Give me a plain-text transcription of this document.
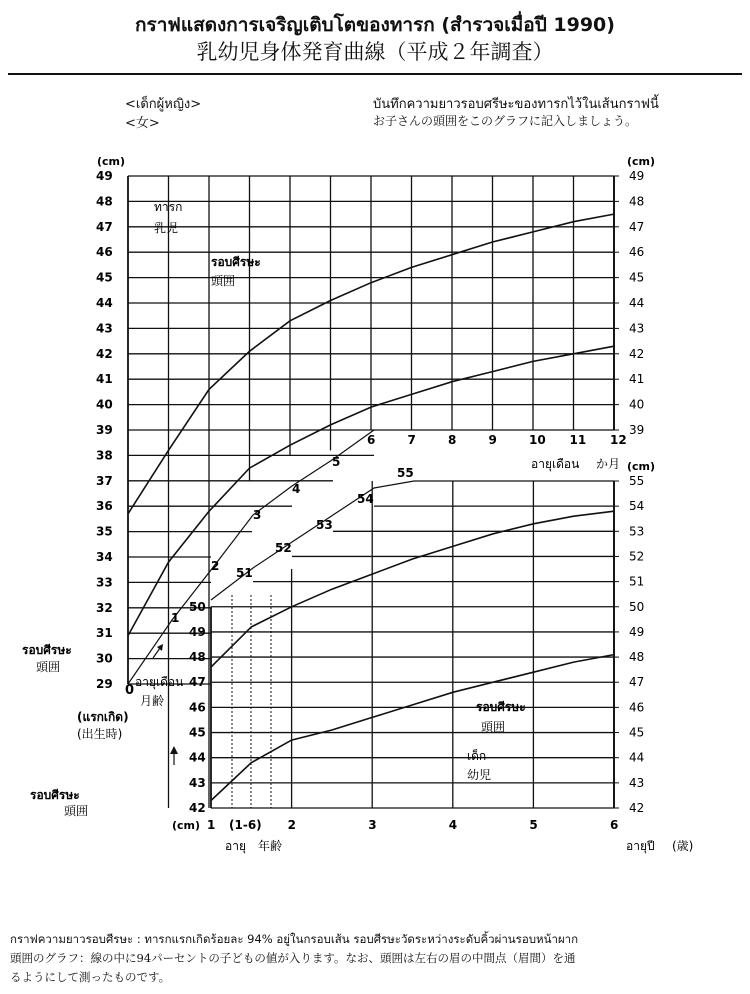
กราฟแสดงการเจริญเติบโตของทารก (สำรวจเมื่อปี 1990)
乳幼児身体発育曲線（平成２年調査）
<เด็กผู้หญิง>
<女>
บันทึกความยาวรอบศรีษะของทารกไว้ในเส้นกราฟนี้
お子さんの頭囲をこのグラフに記入しましょう。
29
30
31
32
33
34
35
36
37
38
39	39
40	40
41	41
42	42
43	43
44	44
45	45
46	46
47	47
48	48
49	49
1
2
3
4
5
6	7	8	9	10 11 12
42
42
43
43
44
44
45
45
46
46
47
47
48
48
49
49
50
50
51
52
53
54
55
1	2	3	4	5	6
51
52
53
54
55
(cm)	(cm)
(cm)
(cm)
ทารก
乳児
รอบศีรษะ
頭囲
รอบศีรษะ
頭囲
อายุเดือน
月齢
0
(แรกเกิด)
(出生時)
อายุเดือน か月
รอบศีรษะ
頭囲
รอบศีรษะ
頭囲
เด็ก
幼児
(1-6)
อายุ 年齢	อายุปี (歳)
กราฟความยาวรอบศีรษะ : ทารกแรกเกิดร้อยละ 94% อยู่ในกรอบเส้น รอบศีรษะวัดระหว่างระดับคิ้วผ่านรอบหน้าผาก
頭囲のグラフ：線の中に94パーセントの子どもの値が入ります。なお、頭囲は左右の眉の中間点（眉間）を通
るようにして測ったものです。
